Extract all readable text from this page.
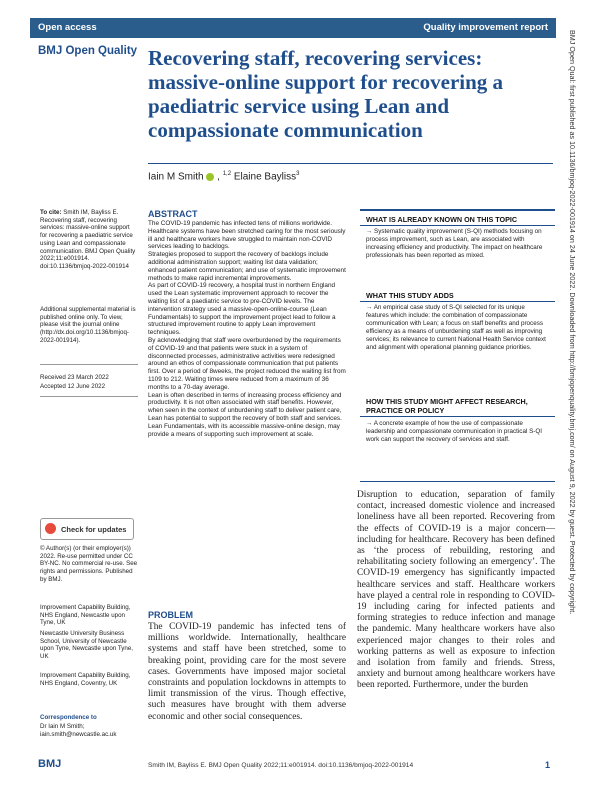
Open access	Quality improvement report
BMJ Open Quality Recovering staff, recovering services: massive-online support for recovering a paediatric service using Lean and compassionate communication
Iain M Smith  , $^{1,2}$ Elaine Bayliss$^3$
To cite: Smith IM, Bayliss E. Recovering staff, recovering services: massive-online support for recovering a paediatric service using Lean and compassionate communication. BMJ Open Quality 2022;11:e001914. doi:10.1136/bmjoq-2022-001914
Additional supplemental material is published online only. To view, please visit the journal online (http://dx.doi.org/10.1136/bmjoq-2022-001914).
Received 23 March 2022
Accepted 12 June 2022
Check for updates
© Author(s) (or their employer(s)) 2022. Re-use permitted under CC BY-NC. No commercial re-use. See rights and permissions. Published by BMJ.
Improvement Capability Building, NHS England, Newcastle upon Tyne, UK
Newcastle University Business School, University of Newcastle upon Tyne, Newcastle upon Tyne, UK
Improvement Capability Building, NHS England, Coventry, UK
Correspondence to
Dr Iain M Smith;
iain.smith@newcastle.ac.uk
ABSTRACT

The COVID-19 pandemic has infected tens of millions worldwide. Healthcare systems have been stretched caring for the most seriously ill and healthcare workers have struggled to maintain non-COVID services leading to backlogs.

Strategies proposed to support the recovery of backlogs include additional administration support; waiting list data validation; enhanced patient communication; and use of systematic improvement methods to make rapid incremental improvements.

As part of COVID-19 recovery, a hospital trust in northern England used the Lean systematic improvement approach to recover the waiting list of a paediatric service to pre-COVID levels. The intervention strategy used a massive-open-online-course (Lean Fundamentals) to support the improvement project lead to follow a structured improvement routine to apply Lean improvement techniques.

By acknowledging that staff were overburdened by the requirements of COVID-19 and that patients were stuck in a system of disconnected processes, administrative activities were redesigned around an ethos of compassionate communication that put patients first. Over a period of 8weeks, the project reduced the waiting list from 1109 to 212. Waiting times were reduced from a maximum of 36 months to a 70-day average.

Lean is often described in terms of increasing process efficiency and productivity. It is not often associated with staff benefits. However, when seen in the context of unburdening staff to deliver patient care, Lean has potential to support the recovery of both staff and services. Lean Fundamentals, with its accessible massive-online design, may provide a means of supporting such improvement at scale.

WHAT IS ALREADY KNOWN ON THIS TOPIC
→ Systematic quality improvement (S-QI) methods focusing on process improvement, such as Lean, are associated with increasing efficiency and productivity. The impact on healthcare professionals has been reported as mixed.
WHAT THIS STUDY ADDS
→ An empirical case study of S-QI selected for its unique features which include: the combination of compassionate communication with Lean; a focus on staff benefits and process efficiency as a means of unburdening staff as well as improving services; its relevance to current National Health Service context and alignment with operational planning guidance priorities.
HOW THIS STUDY MIGHT AFFECT RESEARCH, PRACTICE OR POLICY
→ A concrete example of how the use of compassionate leadership and compassionate communication in practical S-QI work can support the recovery of services and staff.
PROBLEM
The COVID-19 pandemic has infected tens of millions worldwide. Internationally, healthcare systems and staff have been stretched, some to breaking point, providing care for the most severe cases. Governments have imposed major societal constraints and population lockdowns in attempts to limit transmission of the virus. Though effective, such measures have brought with them adverse economic and other social consequences.
Disruption to education, separation of family contact, increased domestic violence and increased loneliness have all been reported. Recovering from the effects of COVID-19 is a major concern—including for healthcare. Recovery has been defined as ‘the process of rebuilding, restoring and rehabilitating society following an emergency’. The COVID-19 emergency has significantly impacted healthcare services and staff. Healthcare workers have played a central role in responding to COVID-19 including caring for infected patients and forming strategies to reduce infection and manage the pandemic. Many healthcare workers have also experienced major changes to their roles and working patterns as well as exposure to infection and isolation from family and friends. Stress, anxiety and burnout among healthcare workers have been reported. Furthermore, under the burden
BMJ	Smith IM, Bayliss E. BMJ Open Quality 2022;11:e001914. doi:10.1136/bmjoq-2022-001914	1
BMJ Open Qual: first published as 10.1136/bmjoq-2022-001914 on 24 June 2022. Downloaded from http://bmjopenquality.bmj.com/ on August 9, 2022 by guest. Protected by copyright.
